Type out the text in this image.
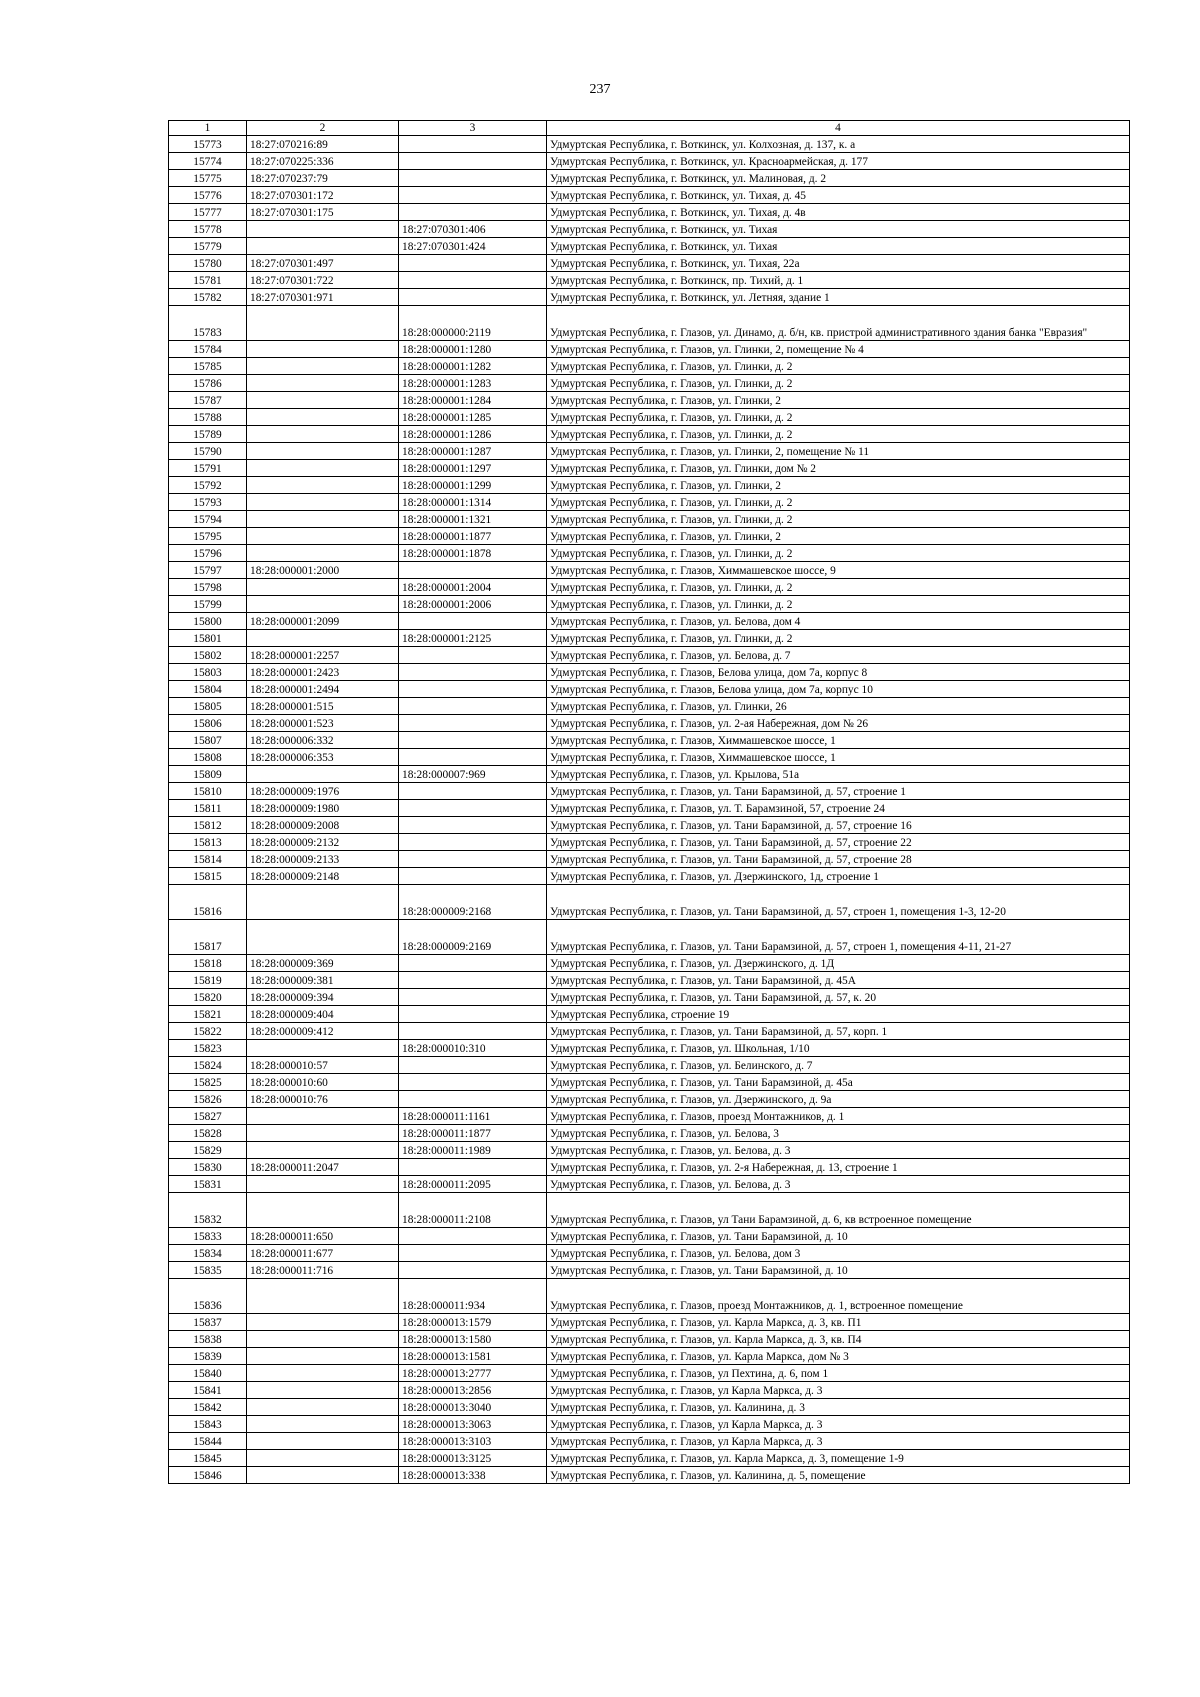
237
1	2	3	4
15773	18:27:070216:89		Удмуртская Республика, г. Воткинск, ул. Колхозная, д. 137, к. а
15774	18:27:070225:336		Удмуртская Республика, г. Воткинск, ул. Красноармейская, д. 177
15775	18:27:070237:79		Удмуртская Республика, г. Воткинск, ул. Малиновая, д. 2
15776	18:27:070301:172		Удмуртская Республика, г. Воткинск, ул. Тихая, д. 45
15777	18:27:070301:175		Удмуртская Республика, г. Воткинск, ул. Тихая, д. 4в
15778		18:27:070301:406	Удмуртская Республика, г. Воткинск, ул. Тихая
15779		18:27:070301:424	Удмуртская Республика, г. Воткинск, ул. Тихая
15780	18:27:070301:497		Удмуртская Республика, г. Воткинск, ул. Тихая, 22а
15781	18:27:070301:722		Удмуртская Республика, г. Воткинск, пр. Тихий, д. 1
15782	18:27:070301:971		Удмуртская Республика, г. Воткинск, ул. Летняя, здание 1
15783		18:28:000000:2119	Удмуртская Республика, г. Глазов, ул. Динамо, д. б/н, кв. пристрой административного здания банка "Евразия"
15784		18:28:000001:1280	Удмуртская Республика, г. Глазов, ул. Глинки, 2, помещение № 4
15785		18:28:000001:1282	Удмуртская Республика, г. Глазов, ул. Глинки, д. 2
15786		18:28:000001:1283	Удмуртская Республика, г. Глазов, ул. Глинки, д. 2
15787		18:28:000001:1284	Удмуртская Республика, г. Глазов, ул. Глинки, 2
15788		18:28:000001:1285	Удмуртская Республика, г. Глазов, ул. Глинки, д. 2
15789		18:28:000001:1286	Удмуртская Республика, г. Глазов, ул. Глинки, д. 2
15790		18:28:000001:1287	Удмуртская Республика, г. Глазов, ул. Глинки, 2, помещение № 11
15791		18:28:000001:1297	Удмуртская Республика, г. Глазов, ул. Глинки, дом № 2
15792		18:28:000001:1299	Удмуртская Республика, г. Глазов, ул. Глинки, 2
15793		18:28:000001:1314	Удмуртская Республика, г. Глазов, ул. Глинки, д. 2
15794		18:28:000001:1321	Удмуртская Республика, г. Глазов, ул. Глинки, д. 2
15795		18:28:000001:1877	Удмуртская Республика, г. Глазов, ул. Глинки, 2
15796		18:28:000001:1878	Удмуртская Республика, г. Глазов, ул. Глинки, д. 2
15797	18:28:000001:2000		Удмуртская Республика, г. Глазов, Химмашевское шоссе, 9
15798		18:28:000001:2004	Удмуртская Республика, г. Глазов, ул. Глинки, д. 2
15799		18:28:000001:2006	Удмуртская Республика, г. Глазов, ул. Глинки, д. 2
15800	18:28:000001:2099		Удмуртская Республика, г. Глазов, ул. Белова, дом 4
15801		18:28:000001:2125	Удмуртская Республика, г. Глазов, ул. Глинки, д. 2
15802	18:28:000001:2257		Удмуртская Республика, г. Глазов, ул. Белова, д. 7
15803	18:28:000001:2423		Удмуртская Республика, г. Глазов, Белова улица, дом 7а, корпус 8
15804	18:28:000001:2494		Удмуртская Республика, г. Глазов, Белова улица, дом 7а, корпус 10
15805	18:28:000001:515		Удмуртская Республика, г. Глазов, ул. Глинки, 26
15806	18:28:000001:523		Удмуртская Республика, г. Глазов, ул. 2-ая Набережная, дом № 26
15807	18:28:000006:332		Удмуртская Республика, г. Глазов, Химмашевское шоссе, 1
15808	18:28:000006:353		Удмуртская Республика, г. Глазов, Химмашевское шоссе, 1
15809		18:28:000007:969	Удмуртская Республика, г. Глазов, ул. Крылова, 51а
15810	18:28:000009:1976		Удмуртская Республика, г. Глазов, ул. Тани Барамзиной, д. 57, строение 1
15811	18:28:000009:1980		Удмуртская Республика, г. Глазов, ул. Т. Барамзиной, 57, строение 24
15812	18:28:000009:2008		Удмуртская Республика, г. Глазов, ул. Тани Барамзиной, д. 57, строение 16
15813	18:28:000009:2132		Удмуртская Республика, г. Глазов, ул. Тани Барамзиной, д. 57, строение 22
15814	18:28:000009:2133		Удмуртская Республика, г. Глазов, ул. Тани Барамзиной, д. 57, строение 28
15815	18:28:000009:2148		Удмуртская Республика, г. Глазов, ул. Дзержинского, 1д, строение 1
15816		18:28:000009:2168	Удмуртская Республика, г. Глазов, ул. Тани Барамзиной, д. 57, строен 1, помещения 1-3, 12-20
15817		18:28:000009:2169	Удмуртская Республика, г. Глазов, ул. Тани Барамзиной, д. 57, строен 1, помещения 4-11, 21-27
15818	18:28:000009:369		Удмуртская Республика, г. Глазов, ул. Дзержинского, д. 1Д
15819	18:28:000009:381		Удмуртская Республика, г. Глазов, ул. Тани Барамзиной, д. 45А
15820	18:28:000009:394		Удмуртская Республика, г. Глазов, ул. Тани Барамзиной, д. 57, к. 20
15821	18:28:000009:404		Удмуртская Республика, строение 19
15822	18:28:000009:412		Удмуртская Республика, г. Глазов, ул. Тани Барамзиной, д. 57, корп. 1
15823		18:28:000010:310	Удмуртская Республика, г. Глазов, ул. Школьная, 1/10
15824	18:28:000010:57		Удмуртская Республика, г. Глазов, ул. Белинского, д. 7
15825	18:28:000010:60		Удмуртская Республика, г. Глазов, ул. Тани Барамзиной, д. 45а
15826	18:28:000010:76		Удмуртская Республика, г. Глазов, ул. Дзержинского, д. 9а
15827		18:28:000011:1161	Удмуртская Республика, г. Глазов, проезд Монтажников, д. 1
15828		18:28:000011:1877	Удмуртская Республика, г. Глазов, ул. Белова, 3
15829		18:28:000011:1989	Удмуртская Республика, г. Глазов, ул. Белова, д. 3
15830	18:28:000011:2047		Удмуртская Республика, г. Глазов, ул. 2-я Набережная, д. 13, строение 1
15831		18:28:000011:2095	Удмуртская Республика, г. Глазов, ул. Белова, д. 3
15832		18:28:000011:2108	Удмуртская Республика, г. Глазов, ул Тани Барамзиной, д. 6, кв встроенное помещение
15833	18:28:000011:650		Удмуртская Республика, г. Глазов, ул. Тани Барамзиной, д. 10
15834	18:28:000011:677		Удмуртская Республика, г. Глазов, ул. Белова, дом 3
15835	18:28:000011:716		Удмуртская Республика, г. Глазов, ул. Тани Барамзиной, д. 10
15836		18:28:000011:934	Удмуртская Республика, г. Глазов, проезд Монтажников, д. 1, встроенное помещение
15837		18:28:000013:1579	Удмуртская Республика, г. Глазов, ул. Карла Маркса, д. 3, кв. П1
15838		18:28:000013:1580	Удмуртская Республика, г. Глазов, ул. Карла Маркса, д. 3, кв. П4
15839		18:28:000013:1581	Удмуртская Республика, г. Глазов, ул. Карла Маркса, дом № 3
15840		18:28:000013:2777	Удмуртская Республика, г. Глазов, ул Пехтина, д. 6, пом 1
15841		18:28:000013:2856	Удмуртская Республика, г. Глазов, ул Карла Маркса, д. 3
15842		18:28:000013:3040	Удмуртская Республика, г. Глазов, ул. Калинина, д. 3
15843		18:28:000013:3063	Удмуртская Республика, г. Глазов, ул Карла Маркса, д. 3
15844		18:28:000013:3103	Удмуртская Республика, г. Глазов, ул Карла Маркса, д. 3
15845		18:28:000013:3125	Удмуртская Республика, г. Глазов, ул. Карла Маркса, д. 3, помещение 1-9
15846		18:28:000013:338	Удмуртская Республика, г. Глазов, ул. Калинина, д. 5, помещение
